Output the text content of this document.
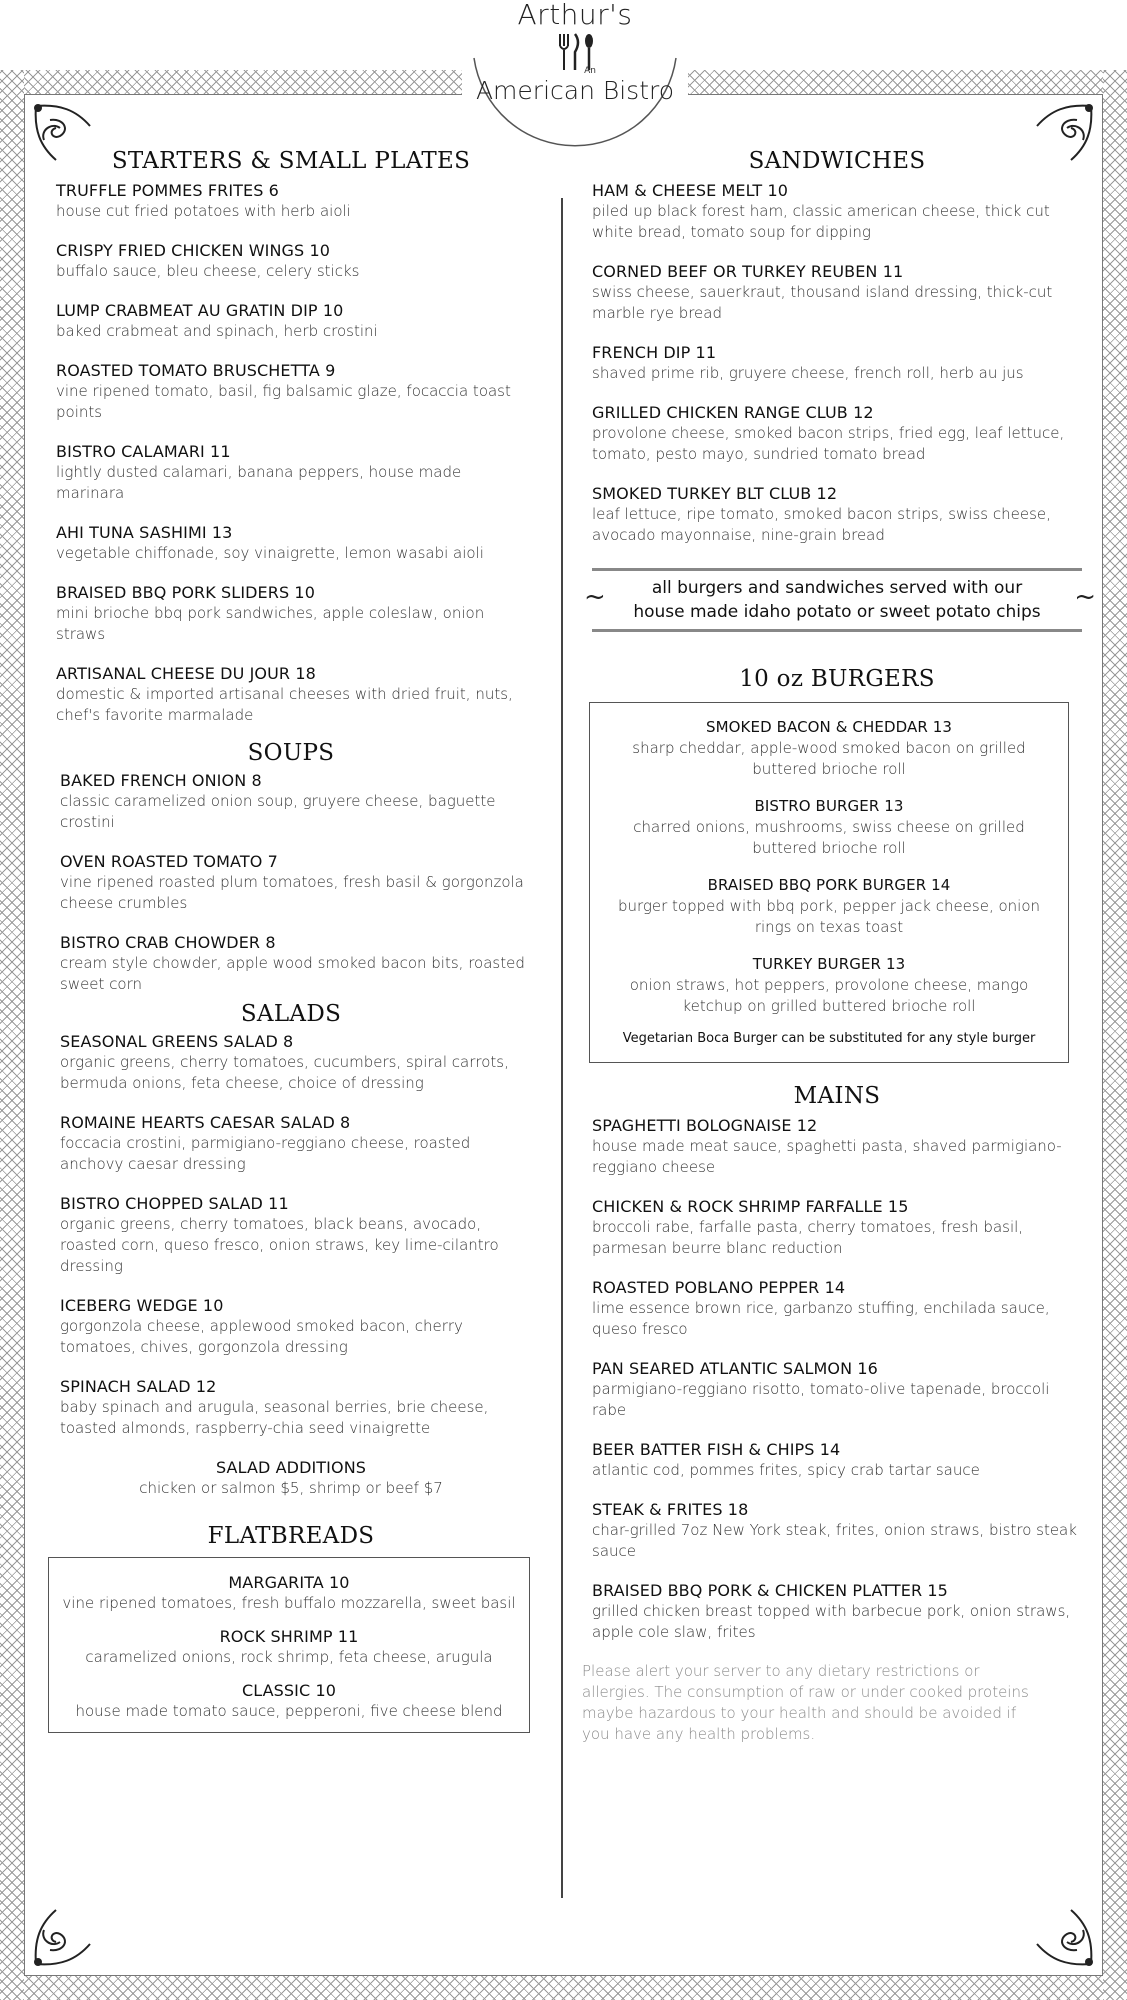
Arthur's
An
American Bistro
STARTERS & SMALL PLATES
TRUFFLE POMMES FRITES 6
house cut fried potatoes with herb aioli
CRISPY FRIED CHICKEN WINGS 10
buffalo sauce, bleu cheese, celery sticks
LUMP CRABMEAT AU GRATIN DIP 10
baked crabmeat and spinach, herb crostini
ROASTED TOMATO BRUSCHETTA 9
vine ripened tomato, basil, fig balsamic glaze, focaccia toast points
BISTRO CALAMARI 11
lightly dusted calamari, banana peppers, house made marinara
AHI TUNA SASHIMI 13
vegetable chiffonade, soy vinaigrette, lemon wasabi aioli
BRAISED BBQ PORK SLIDERS 10
mini brioche bbq pork sandwiches, apple coleslaw, onion straws
ARTISANAL CHEESE DU JOUR 18
domestic & imported artisanal cheeses with dried fruit, nuts, chef's favorite marmalade
SOUPS
BAKED FRENCH ONION 8
classic caramelized onion soup, gruyere cheese, baguette crostini
OVEN ROASTED TOMATO 7
vine ripened roasted plum tomatoes, fresh basil & gorgonzola cheese crumbles
BISTRO CRAB CHOWDER 8
cream style chowder, apple wood smoked bacon bits, roasted sweet corn
SALADS
SEASONAL GREENS SALAD 8
organic greens, cherry tomatoes, cucumbers, spiral carrots, bermuda onions, feta cheese, choice of dressing
ROMAINE HEARTS CAESAR SALAD 8
foccacia crostini, parmigiano-reggiano cheese, roasted anchovy caesar dressing
BISTRO CHOPPED SALAD 11
organic greens, cherry tomatoes, black beans, avocado, roasted corn, queso fresco, onion straws, key lime-cilantro dressing
ICEBERG WEDGE 10
gorgonzola cheese, applewood smoked bacon, cherry tomatoes, chives, gorgonzola dressing
SPINACH SALAD 12
baby spinach and arugula, seasonal berries, brie cheese, toasted almonds, raspberry-chia seed vinaigrette
SALAD ADDITIONS
chicken or salmon $5, shrimp or beef $7
FLATBREADS
MARGARITA 10
vine ripened tomatoes, fresh buffalo mozzarella, sweet basil
ROCK SHRIMP 11
caramelized onions, rock shrimp, feta cheese, arugula
CLASSIC 10
house made tomato sauce, pepperoni, five cheese blend
SANDWICHES
HAM & CHEESE MELT 10
piled up black forest ham, classic american cheese, thick cut white bread, tomato soup for dipping
CORNED BEEF OR TURKEY REUBEN 11
swiss cheese, sauerkraut, thousand island dressing, thick-cut marble rye bread
FRENCH DIP 11
shaved prime rib, gruyere cheese, french roll, herb au jus
GRILLED CHICKEN RANGE CLUB 12
provolone cheese, smoked bacon strips, fried egg, leaf lettuce, tomato, pesto mayo, sundried tomato bread
SMOKED TURKEY BLT CLUB 12
leaf lettuce, ripe tomato, smoked bacon strips, swiss cheese, avocado mayonnaise, nine-grain bread
~	~
all burgers and sandwiches served with our
house made idaho potato or sweet potato chips
10 oz BURGERS
SMOKED BACON & CHEDDAR 13
sharp cheddar, apple-wood smoked bacon on grilled buttered brioche roll
BISTRO BURGER 13
charred onions, mushrooms, swiss cheese on grilled buttered brioche roll
BRAISED BBQ PORK BURGER 14
burger topped with bbq pork, pepper jack cheese, onion rings on texas toast
TURKEY BURGER 13
onion straws, hot peppers, provolone cheese, mango ketchup on grilled buttered brioche roll
Vegetarian Boca Burger can be substituted for any style burger
MAINS
SPAGHETTI BOLOGNAISE 12
house made meat sauce, spaghetti pasta, shaved parmigiano-reggiano cheese
CHICKEN & ROCK SHRIMP FARFALLE 15
broccoli rabe, farfalle pasta, cherry tomatoes, fresh basil, parmesan beurre blanc reduction
ROASTED POBLANO PEPPER 14
lime essence brown rice, garbanzo stuffing, enchilada sauce, queso fresco
PAN SEARED ATLANTIC SALMON 16
parmigiano-reggiano risotto, tomato-olive tapenade, broccoli rabe
BEER BATTER FISH & CHIPS 14
atlantic cod, pommes frites, spicy crab tartar sauce
STEAK & FRITES 18
char-grilled 7oz New York steak, frites, onion straws, bistro steak sauce
BRAISED BBQ PORK & CHICKEN PLATTER 15
grilled chicken breast topped with barbecue pork, onion straws, apple cole slaw, frites
Please alert your server to any dietary restrictions or allergies. The consumption of raw or under cooked proteins maybe hazardous to your health and should be avoided if you have any health problems.
